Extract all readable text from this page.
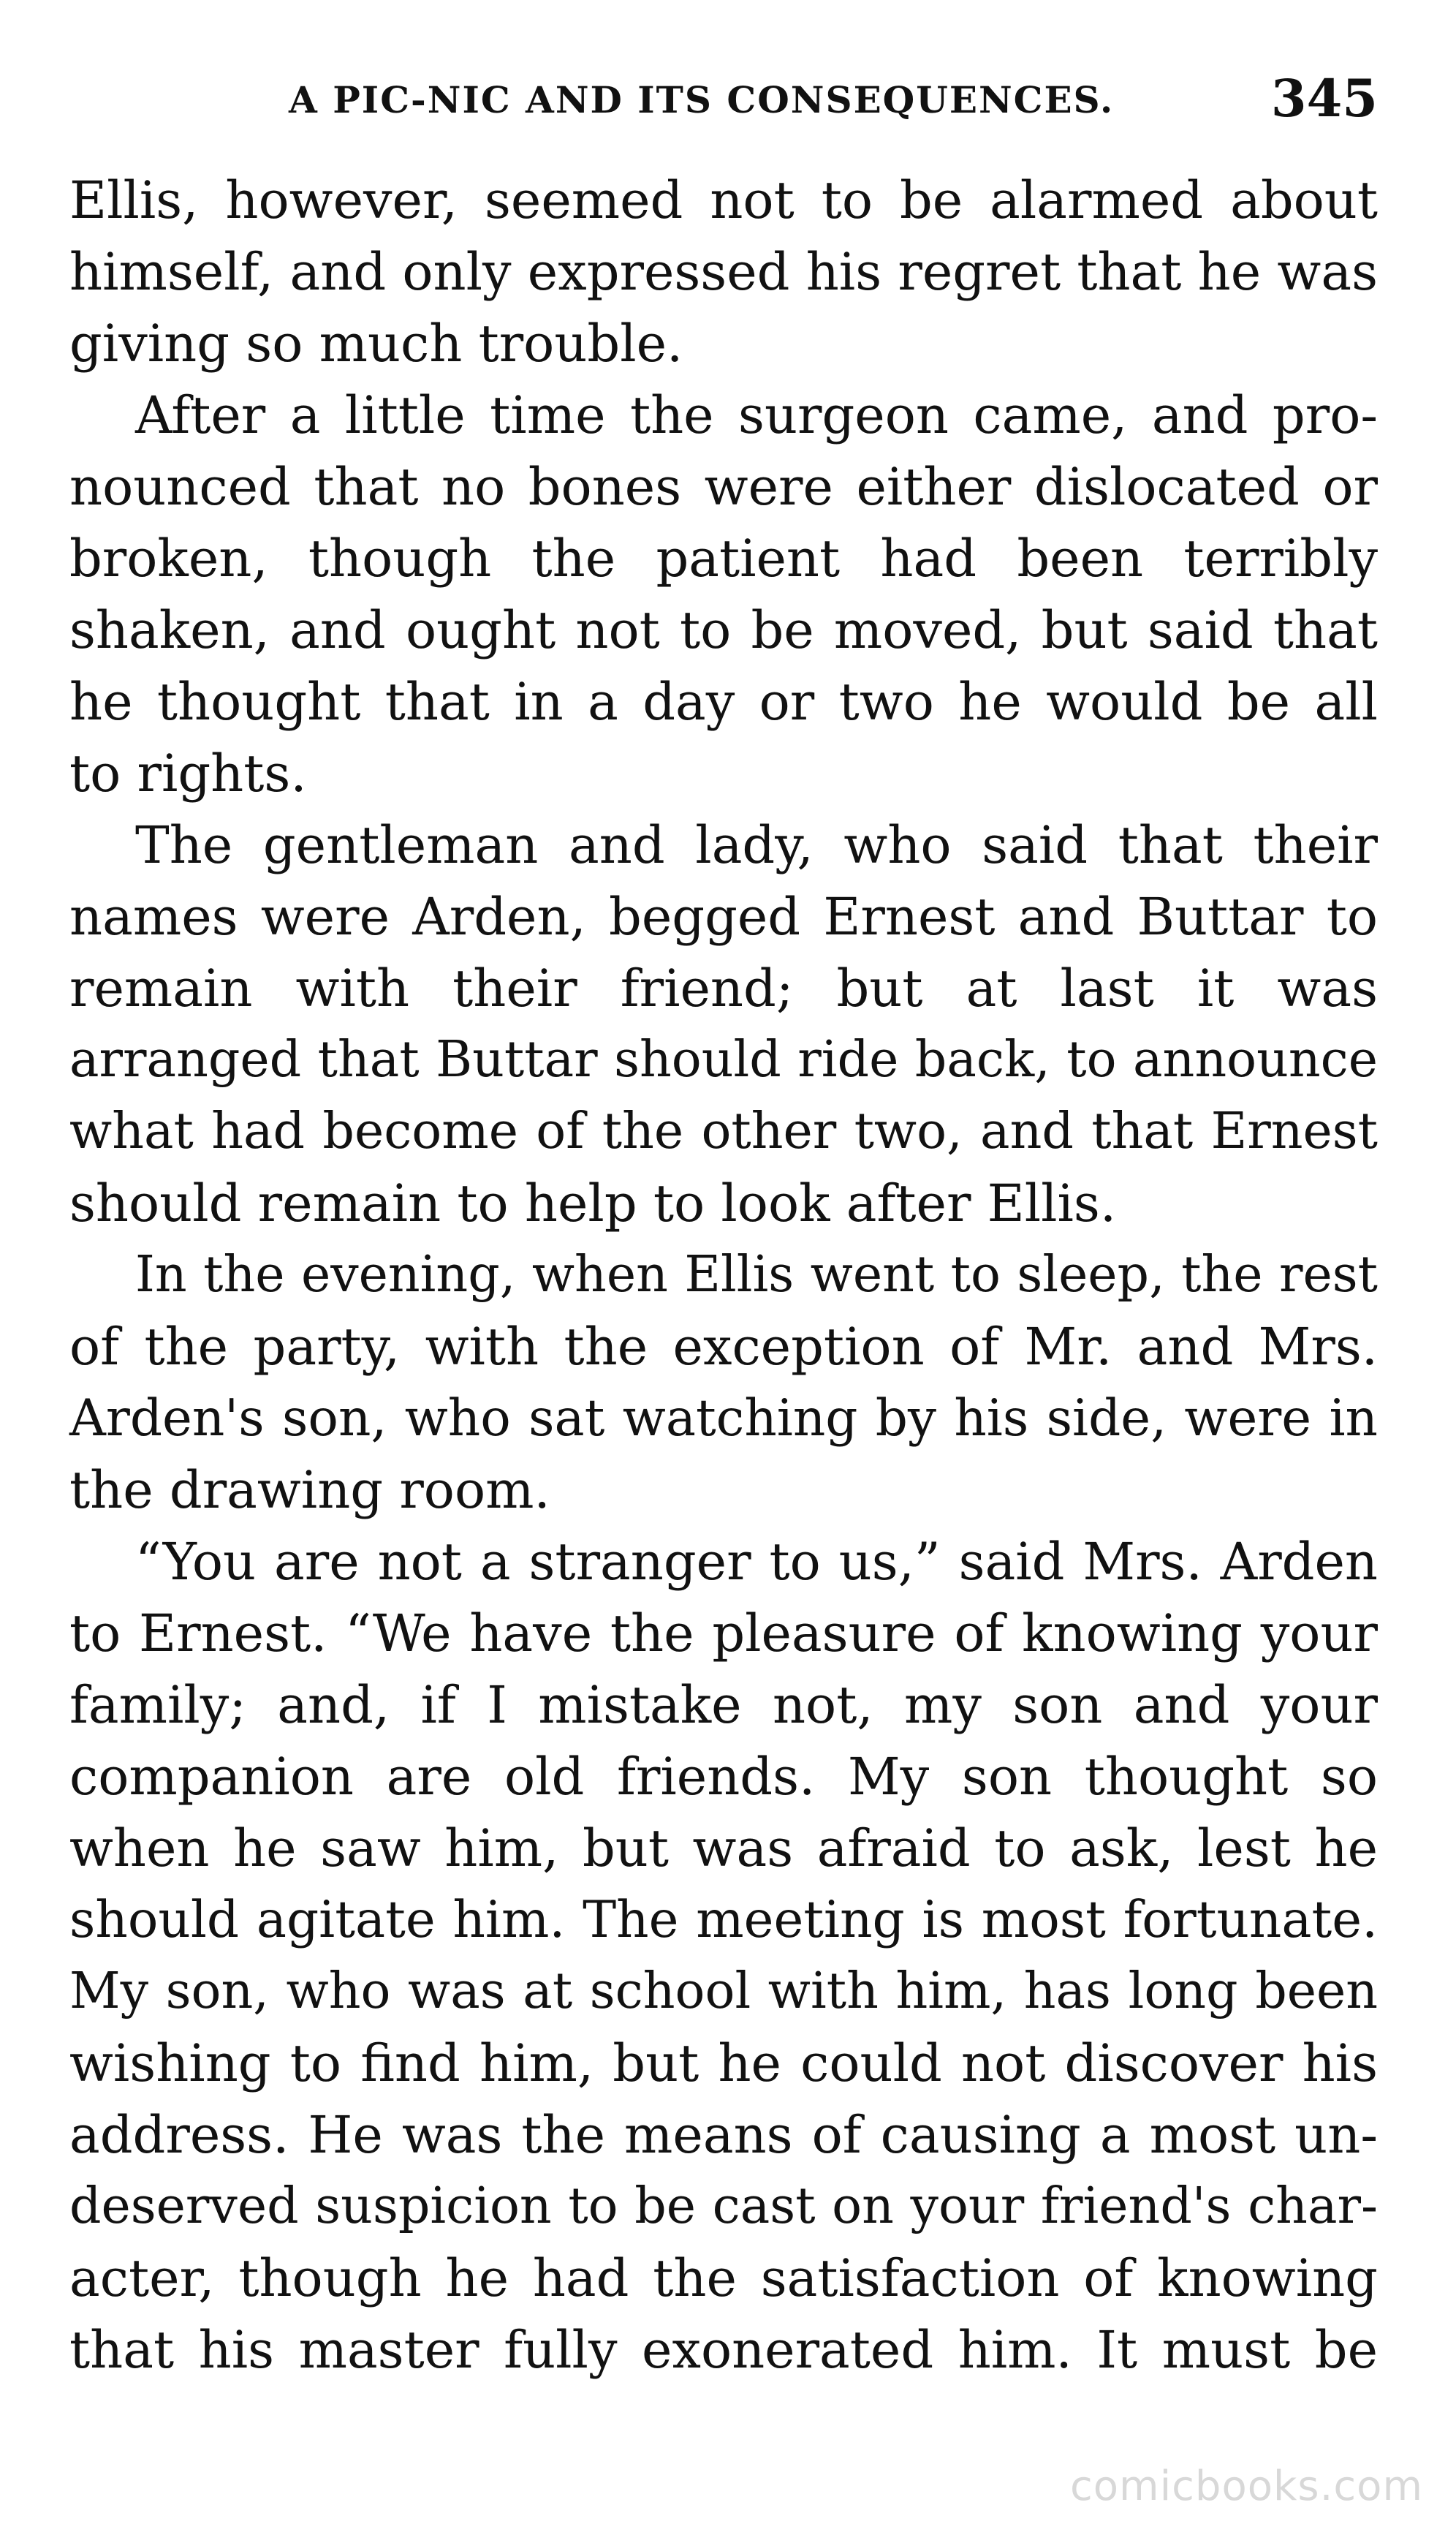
A PIC-NIC AND ITS CONSEQUENCES.	345
Ellis, however, seemed not to be alarmed about
himself, and only expressed his regret that he was
giving so much trouble.
After a little time the surgeon came, and pro-
nounced that no bones were either dislocated or
broken, though the patient had been terribly
shaken, and ought not to be moved, but said that
he thought that in a day or two he would be all
to rights.
The gentleman and lady, who said that their
names were Arden, begged Ernest and Buttar to
remain with their friend; but at last it was
arranged that Buttar should ride back, to announce
what had become of the other two, and that Ernest
should remain to help to look after Ellis.
In the evening, when Ellis went to sleep, the rest
of the party, with the exception of Mr. and Mrs.
Arden's son, who sat watching by his side, were in
the drawing room.
“You are not a stranger to us,” said Mrs. Arden
to Ernest. “We have the pleasure of knowing your
family; and, if I mistake not, my son and your
companion are old friends. My son thought so
when he saw him, but was afraid to ask, lest he
should agitate him. The meeting is most fortunate.
My son, who was at school with him, has long been
wishing to find him, but he could not discover his
address. He was the means of causing a most un-
deserved suspicion to be cast on your friend's char-
acter, though he had the satisfaction of knowing
that his master fully exonerated him. It must be
comicbooks.com
